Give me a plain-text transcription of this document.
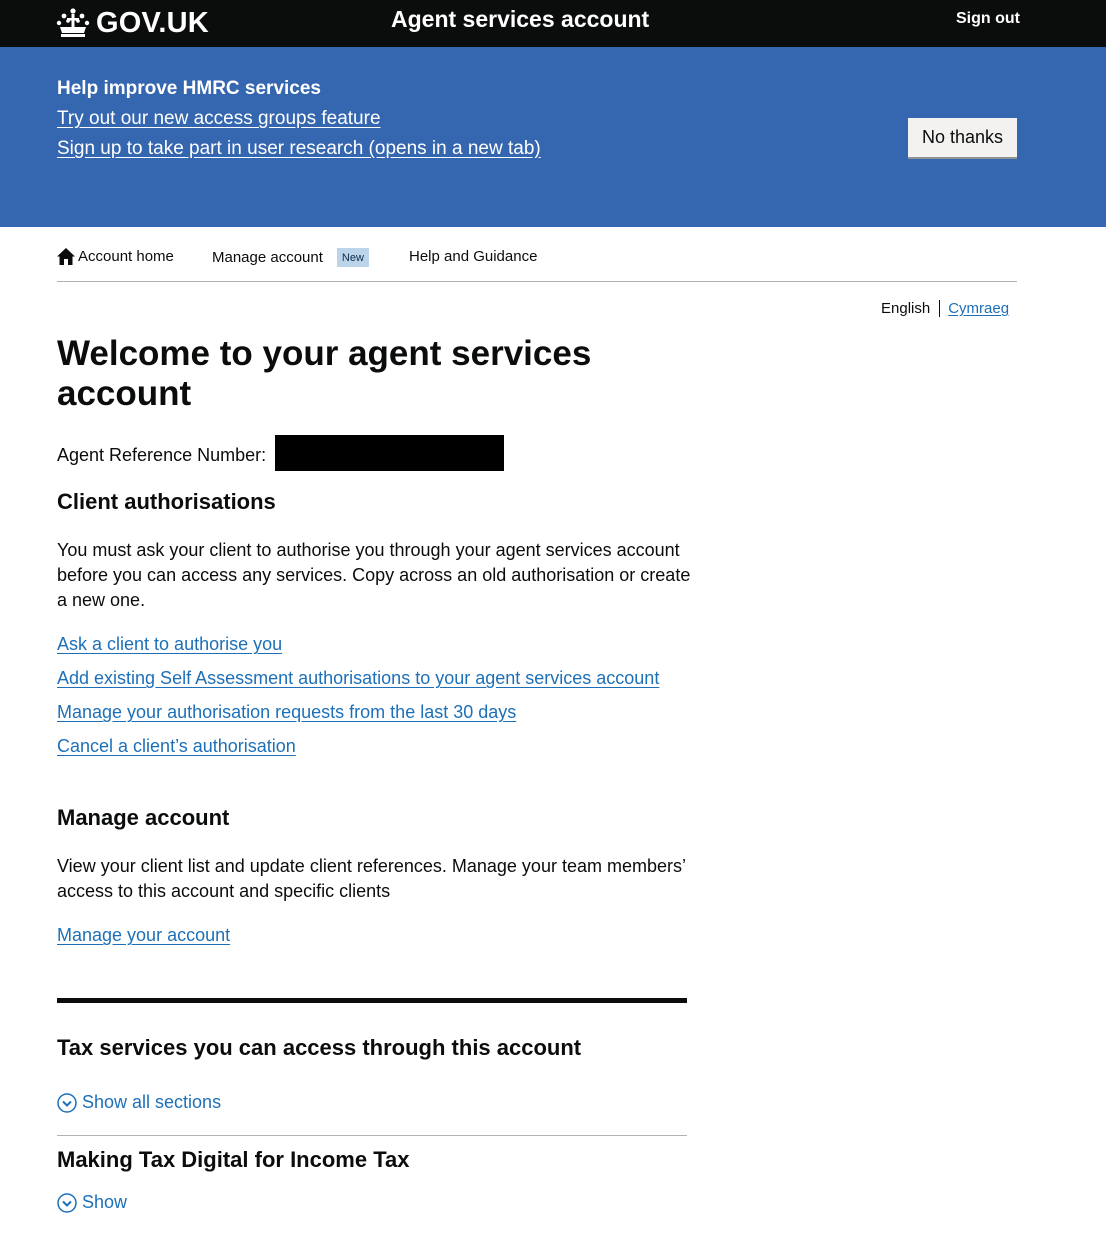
GOV.UK	Agent services account	Sign out
Help improve HMRC services
Try out our new access groups feature
Sign up to take part in user research (opens in a new tab)
No thanks
Account home	Manage account	New	Help and Guidance
English Cymraeg
Welcome to your agent services account
Agent Reference Number:
Client authorisations

You must ask your client to authorise you through your agent services account before you can access any services. Copy across an old authorisation or create a new one.

Ask a client to authorise you
Add existing Self Assessment authorisations to your agent services account
Manage your authorisation requests from the last 30 days
Cancel a client’s authorisation
Manage account

View your client list and update client references. Manage your team members’ access to this account and specific clients

Manage your account
Tax services you can access through this account
Show all sections
Making Tax Digital for Income Tax
Show
